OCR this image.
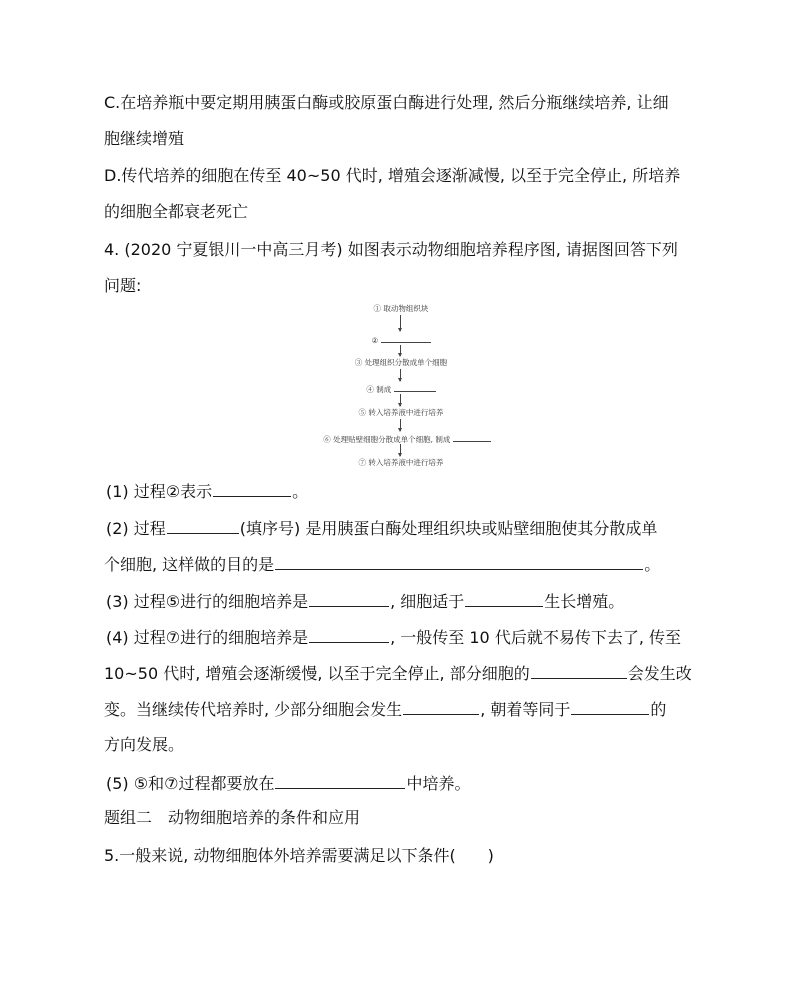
C.在培养瓶中要定期用胰蛋白酶或胶原蛋白酶进行处理, 然后分瓶继续培养, 让细
胞继续增殖
D.传代培养的细胞在传至 40~50 代时, 增殖会逐渐减慢, 以至于完全停止, 所培养
的细胞全都衰老死亡
4. (2020 宁夏银川一中高三月考) 如图表示动物细胞培养程序图, 请据图回答下列
问题:
① 取动物组织块
②
③ 处理组织分散成单个细胞
④ 制成
⑤ 转入培养液中进行培养
⑥ 处理贴壁细胞分散成单个细胞, 制成
⑦ 转入培养液中进行培养
(1) 过程②表示	。
(2) 过程	(填序号) 是用胰蛋白酶处理组织块或贴壁细胞使其分散成单
个细胞, 这样做的目的是	。
(3) 过程⑤进行的细胞培养是	, 细胞适于	生长增殖。
(4) 过程⑦进行的细胞培养是	, 一般传至 10 代后就不易传下去了, 传至
10~50 代时, 增殖会逐渐缓慢, 以至于完全停止, 部分细胞的	会发生改
变。当继续传代培养时, 少部分细胞会发生	, 朝着等同于	的
方向发展。
(5) ⑤和⑦过程都要放在	中培养。
题组二　动物细胞培养的条件和应用
5.一般来说, 动物细胞体外培养需要满足以下条件(　　)
